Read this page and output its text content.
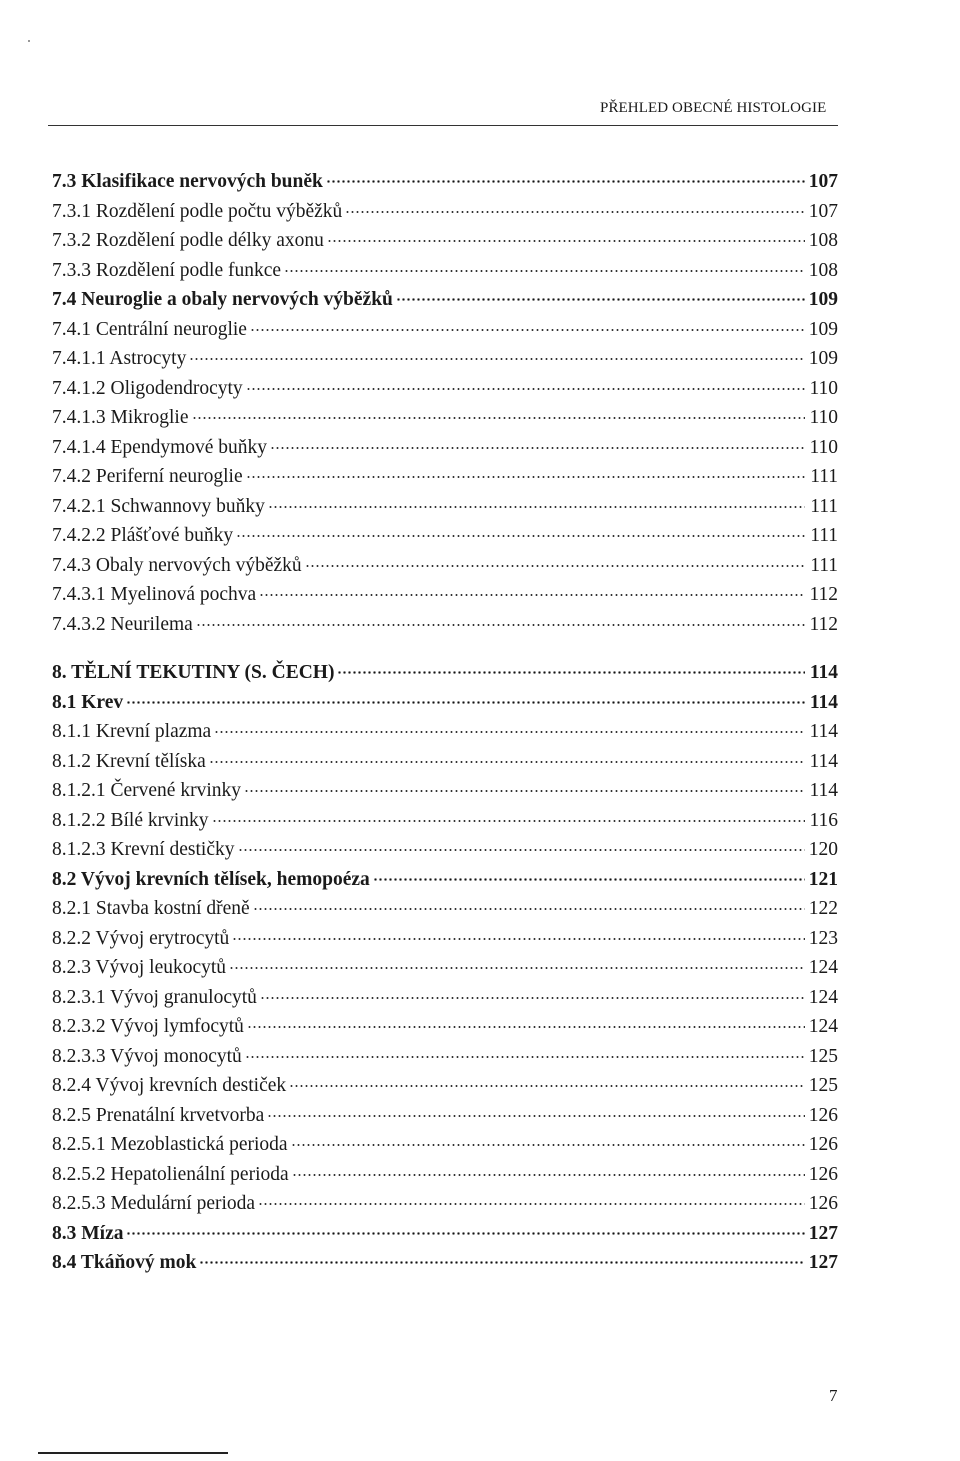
PŘEHLED OBECNÉ HISTOLOGIE
7.3 Klasifikace nervových buněk	107
7.3.1 Rozdělení podle počtu výběžků	107
7.3.2 Rozdělení podle délky axonu	108
7.3.3 Rozdělení podle funkce	108
7.4 Neuroglie a obaly nervových výběžků	109
7.4.1 Centrální neuroglie	109
7.4.1.1 Astrocyty	109
7.4.1.2 Oligodendrocyty	110
7.4.1.3 Mikroglie	110
7.4.1.4 Ependymové buňky	110
7.4.2 Periferní neuroglie	111
7.4.2.1 Schwannovy buňky	111
7.4.2.2 Plášťové buňky	111
7.4.3 Obaly nervových výběžků	111
7.4.3.1 Myelinová pochva	112
7.4.3.2 Neurilema	112
8. TĚLNÍ TEKUTINY (S. ČECH)	114
8.1 Krev	114
8.1.1 Krevní plazma	114
8.1.2 Krevní tělíska	114
8.1.2.1 Červené krvinky	114
8.1.2.2 Bílé krvinky	116
8.1.2.3 Krevní destičky	120
8.2 Vývoj krevních tělísek, hemopoéza	121
8.2.1 Stavba kostní dřeně	122
8.2.2 Vývoj erytrocytů	123
8.2.3 Vývoj leukocytů	124
8.2.3.1 Vývoj granulocytů	124
8.2.3.2 Vývoj lymfocytů	124
8.2.3.3 Vývoj monocytů	125
8.2.4 Vývoj krevních destiček	125
8.2.5 Prenatální krvetvorba	126
8.2.5.1 Mezoblastická perioda	126
8.2.5.2 Hepatolienální perioda	126
8.2.5.3 Medulární perioda	126
8.3 Míza	127
8.4 Tkáňový mok	127
7
